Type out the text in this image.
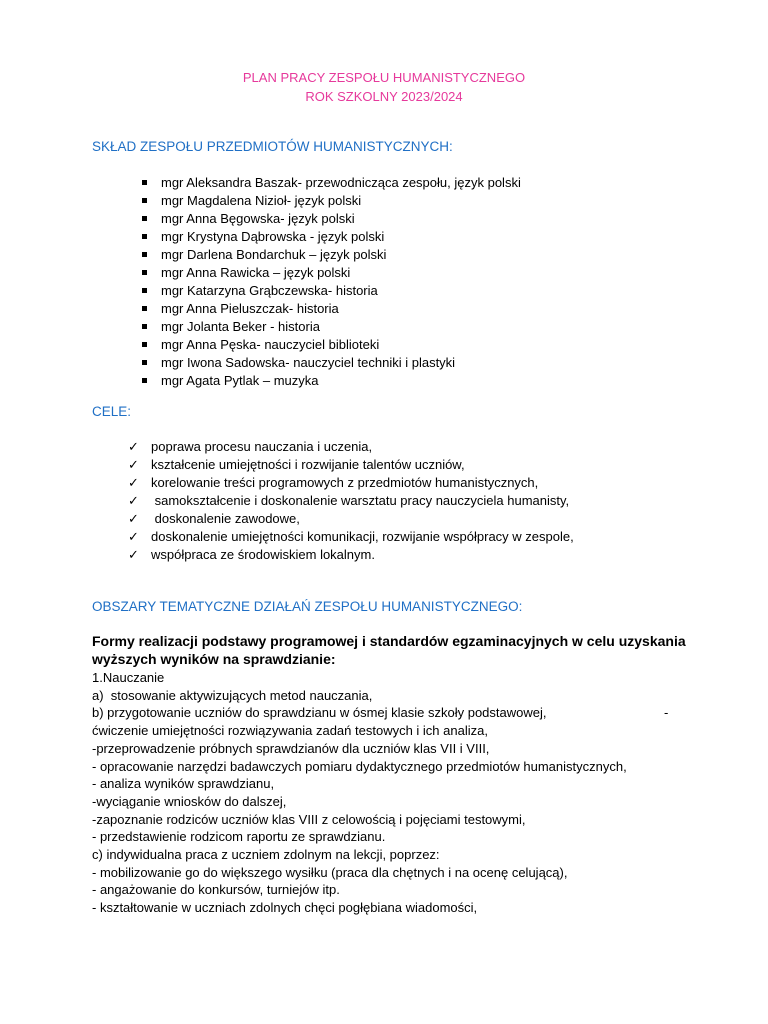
PLAN PRACY ZESPOŁU HUMANISTYCZNEGO
ROK SZKOLNY 2023/2024
SKŁAD ZESPOŁU PRZEDMIOTÓW HUMANISTYCZNYCH:
mgr Aleksandra Baszak- przewodnicząca zespołu, język polski
mgr Magdalena Nizioł- język polski
mgr Anna Bęgowska- język polski
mgr Krystyna Dąbrowska - język polski
mgr Darlena Bondarchuk – język polski
mgr Anna Rawicka – język polski
mgr Katarzyna Grąbczewska- historia
mgr Anna Pieluszczak- historia
mgr Jolanta Beker - historia
mgr Anna Pęska- nauczyciel biblioteki
mgr Iwona Sadowska- nauczyciel techniki i plastyki
mgr Agata Pytlak – muzyka
CELE:
✓ poprawa procesu nauczania i uczenia,
✓ kształcenie umiejętności i rozwijanie talentów uczniów,
✓ korelowanie treści programowych z przedmiotów humanistycznych,
✓ samokształcenie i doskonalenie warsztatu pracy nauczyciela humanisty,
✓ doskonalenie zawodowe,
✓ doskonalenie umiejętności komunikacji, rozwijanie współpracy w zespole,
✓ współpraca ze środowiskiem lokalnym.
OBSZARY TEMATYCZNE DZIAŁAŃ ZESPOŁU HUMANISTYCZNEGO:
Formy realizacji podstawy programowej i standardów egzaminacyjnych w celu uzyskania wyższych wyników na sprawdzianie:
1.Nauczanie
a)  stosowanie aktywizujących metod nauczania,
b) przygotowanie uczniów do sprawdzianu w ósmej klasie szkoły podstawowej,	-
ćwiczenie umiejętności rozwiązywania zadań testowych i ich analiza,
-przeprowadzenie próbnych sprawdzianów dla uczniów klas VII i VIII,
- opracowanie narzędzi badawczych pomiaru dydaktycznego przedmiotów humanistycznych,
- analiza wyników sprawdzianu,
-wyciąganie wniosków do dalszej,
-zapoznanie rodziców uczniów klas VIII z celowością i pojęciami testowymi,
- przedstawienie rodzicom raportu ze sprawdzianu.
c) indywidualna praca z uczniem zdolnym na lekcji, poprzez:
- mobilizowanie go do większego wysiłku (praca dla chętnych i na ocenę celującą),
- angażowanie do konkursów, turniejów itp.
- kształtowanie w uczniach zdolnych chęci pogłębiana wiadomości,
